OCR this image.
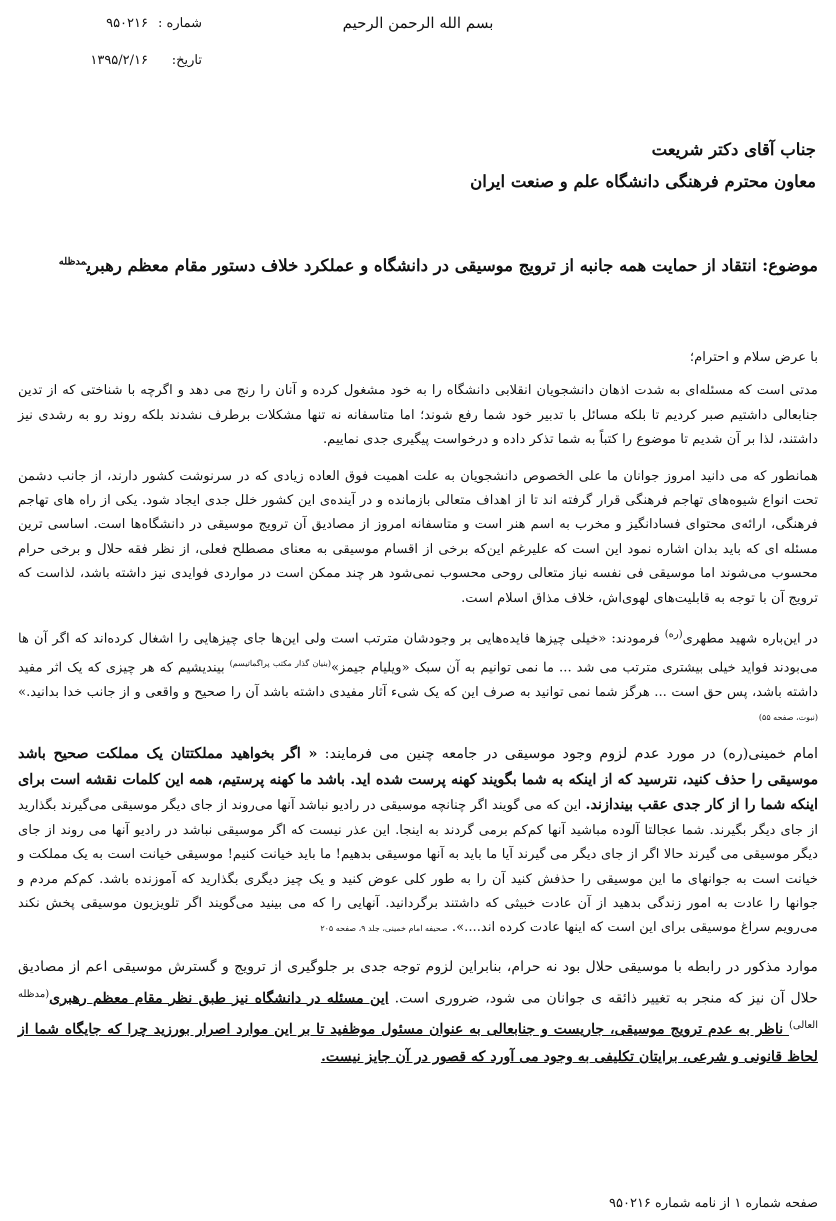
بسم الله الرحمن الرحیم
شماره :
۹۵۰۲۱۶
تاریخ:
۱۳۹۵/۲/۱۶
جناب آقای دکتر شریعت
معاون محترم فرهنگی دانشگاه علم و صنعت ایران
موضوع: انتقاد از حمایت همه جانبه از ترویج موسیقی در دانشگاه و عملکرد خلاف دستور مقام معظم رهبری$^{مدظله}$

با عرض سلام و احترام؛

مدتی است که مسئله‌ای به شدت اذهان دانشجویان انقلابی دانشگاه را به خود مشغول کرده و آنان را رنج می دهد و اگرچه با شناختی که از تدین جنابعالی داشتیم صبر کردیم تا بلکه مسائل با تدبیر خود شما رفع شوند؛ اما متاسفانه نه تنها مشکلات برطرف نشدند بلکه روند رو به رشدی نیز داشتند، لذا بر آن شدیم تا موضوع را کتباً به شما تذکر داده و درخواست پیگیری جدی نماییم.

همانطور که می دانید امروز جوانان ما علی الخصوص دانشجویان به علت اهمیت فوق العاده زیادی که در سرنوشت کشور دارند، از جانب دشمن تحت انواع شیوه‌های تهاجم فرهنگی قرار گرفته اند تا از اهداف متعالی بازمانده و در آینده‌ی این کشور خلل جدی ایجاد شود. یکی از راه های تهاجم فرهنگی، ارائه‌ی محتوای فسادانگیز و مخرب به اسم هنر است و متاسفانه امروز از مصادیق آن ترویج موسیقی در دانشگاه‌ها است. اساسی ترین مسئله ای که باید بدان اشاره نمود این است که علیرغم این‌که برخی از اقسام موسیقی به معنای مصطلح فعلی، از نظر فقه حلال و برخی حرام محسوب می‌شوند اما موسیقی فی نفسه نیاز متعالی روحی محسوب نمی‌شود هر چند ممکن است در مواردی فوایدی نیز داشته باشد، لذاست که ترویج آن با توجه به قابلیت‌های لهوی‌اش، خلاف مذاق اسلام است.

در این‌باره شهید مطهری$^{(ره)}$ فرمودند: «خیلی چیزها فایده‌هایی بر وجودشان مترتب است ولی این‌ها جای چیزهایی را اشغال کرده‌اند که اگر آن ها می‌بودند فواید خیلی بیشتری مترتب می شد ... ما نمی توانیم به آن سبک «ویلیام جیمز»$^{(بنیان گذار مکتب پراگماتیسم)}$ بیندیشیم که هر چیزی که یک اثر مفید داشته باشد، پس حق است ... هرگز شما نمی توانید به صرف این که یک شیء آثار مفیدی داشته باشد آن را صحیح و واقعی و از جانب خدا بدانید.» (نبوت، صفحه ۵۵)

امام خمینی(ره) در مورد عدم لزوم وجود موسیقی در جامعه چنین می فرمایند: « اگر بخواهید مملکتتان یک مملکت صحیح باشد موسیقی را حذف کنید، نترسید که از اینکه به شما بگویند کهنه پرست شده اید. باشد ما کهنه پرستیم، همه این کلمات نقشه است برای اینکه شما را از کار جدی عقب بیندازند. این که می گویند اگر چنانچه موسیقی در رادیو نباشد آنها می‌روند از جای دیگر موسیقی می‌گیرند بگذارید از جای دیگر بگیرند. شما عجالتا آلوده مباشید آنها کم‌کم برمی گردند به اینجا. این عذر نیست که اگر موسیقی نباشد در رادیو آنها می روند از جای دیگر موسیقی می گیرند حالا اگر از جای دیگر می گیرند آیا ما باید به آنها موسیقی بدهیم! ما باید خیانت کنیم! موسیقی خیانت است به یک مملکت و خیانت است به جوانهای ما این موسیقی را حذفش کنید آن را به طور کلی عوض کنید و یک چیز دیگری بگذارید که آموزنده باشد. کم‌کم مردم و جوانها را عادت به امور زندگی بدهید از آن عادت خبیثی که داشتند برگردانید. آنهایی را که می بینید می‌گویند اگر تلویزیون موسیقی پخش نکند می‌رویم سراغ موسیقی برای این است که اینها عادت کرده اند....». صحیفه امام خمینی، جلد ۹، صفحه ۲۰۵

موارد مذکور در رابطه با موسیقی حلال بود نه حرام، بنابراین لزوم توجه جدی بر جلوگیری از ترویج و گسترش موسیقی اعم از مصادیق حلال آن نیز که منجر به تغییر ذائقه ی جوانان می شود، ضروری است. این مسئله در دانشگاه نیز طبق نظر مقام معظم رهبری$^{(مدظله العالی)}$ ناظر به عدم ترویج موسیقی، جاریست و جنابعالی به عنوان مسئول موظفید تا بر این موارد اصرار بورزید چرا که جایگاه شما از لحاظ قانونی و شرعی، برایتان تکلیفی به وجود می آورد که قصور در آن جایز نیست.

صفحه شماره ۱ از نامه شماره ۹۵۰۲۱۶
